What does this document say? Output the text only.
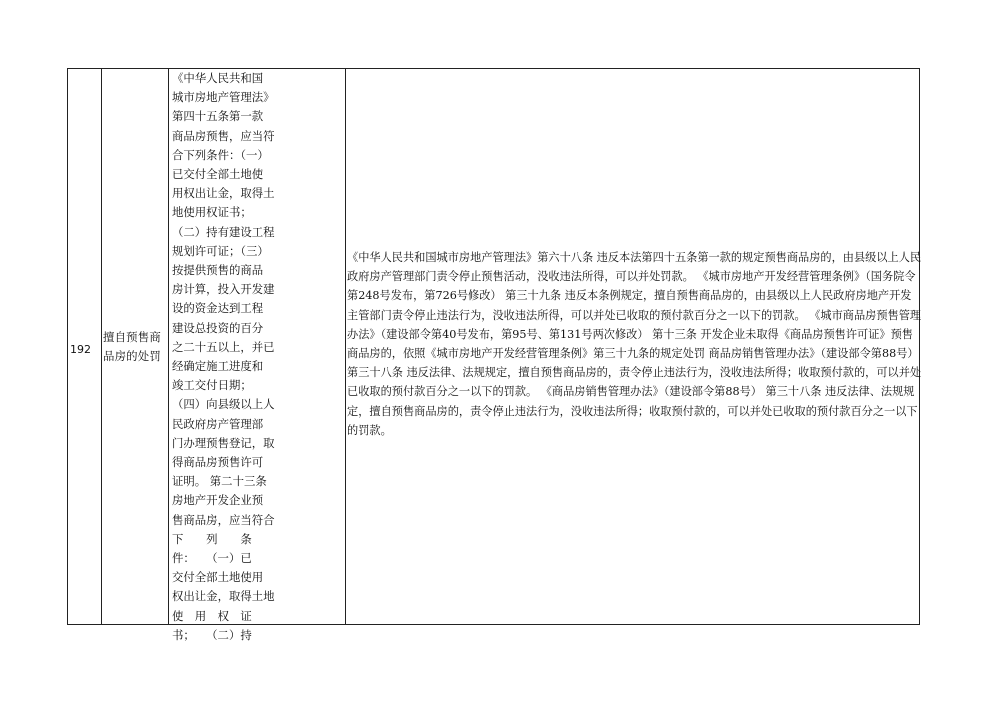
192
擅自预售商品房的处罚
《中华人民共和国
城市房地产管理法》
第四十五条第一款
商品房预售，应当符
合下列条件：（一）
已交付全部土地使
用权出让金，取得土
地使用权证书；
（二）持有建设工程
规划许可证；（三）
按提供预售的商品
房计算，投入开发建
设的资金达到工程
建设总投资的百分
之二十五以上，并已
经确定施工进度和
竣工交付日期；
（四）向县级以上人
民政府房产管理部
门办理预售登记，取
得商品房预售许可
证明。 第二十三条
房地产开发企业预
售商品房，应当符合
下　　列　　条
件：　　（一）已
交付全部土地使用
权出让金，取得土地
使　用　权　证
书；　　（二）持
《中华人民共和国城市房地产管理法》第六十八条 违反本法第四十五条第一款的规定预售商品房的，由县级以上人民
政府房产管理部门责令停止预售活动，没收违法所得，可以并处罚款。 《城市房地产开发经营管理条例》（国务院令
第248号发布，第726号修改） 第三十九条 违反本条例规定，擅自预售商品房的，由县级以上人民政府房地产开发
主管部门责令停止违法行为，没收违法所得，可以并处已收取的预付款百分之一以下的罚款。 《城市商品房预售管理
办法》（建设部令第40号发布，第95号、第131号两次修改） 第十三条 开发企业未取得《商品房预售许可证》预售
商品房的，依照《城市房地产开发经营管理条例》第三十九条的规定处罚 商品房销售管理办法》（建设部令第88号）
第三十八条 违反法律、法规规定，擅自预售商品房的，责令停止违法行为，没收违法所得；收取预付款的，可以并处
已收取的预付款百分之一以下的罚款。 《商品房销售管理办法》（建设部令第88号） 第三十八条 违反法律、法规规
定，擅自预售商品房的，责令停止违法行为，没收违法所得；收取预付款的，可以并处已收取的预付款百分之一以下
的罚款。
